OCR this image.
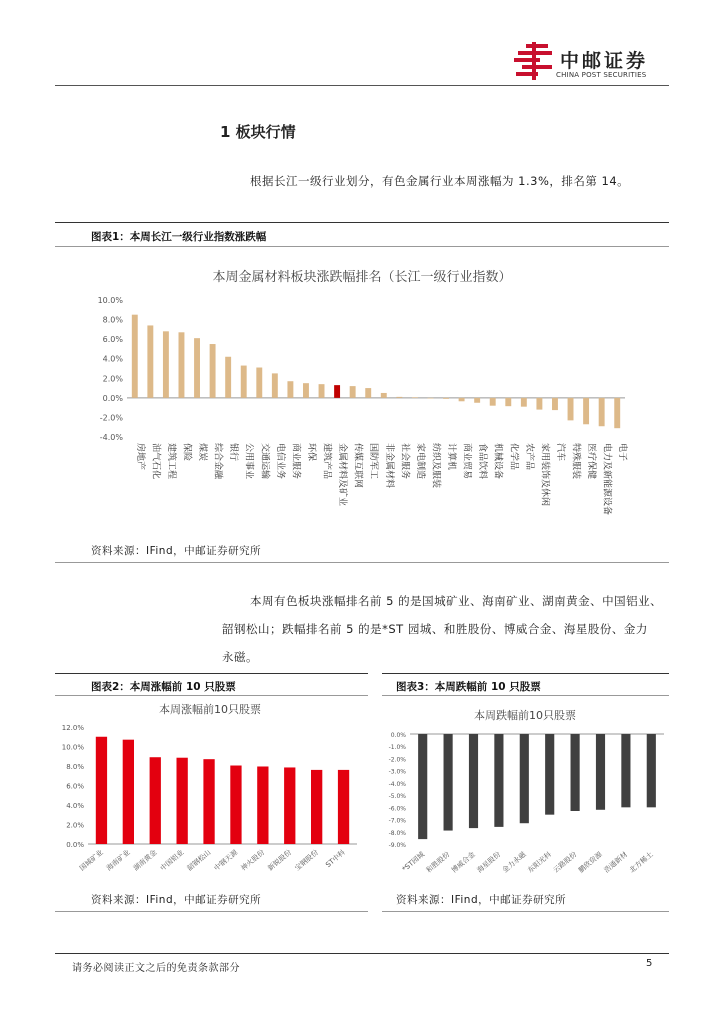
中邮证券
CHINA POST SECURITIES
1 板块行情
根据长江一级行业划分，有色金属行业本周涨幅为 1.3%，排名第 14。
图表1：本周长江一级行业指数涨跌幅
本周金属材料板块涨跌幅排名（长江一级行业指数）
10.0%
8.0%
6.0%
4.0%
2.0%
0.0%
-2.0%
-4.0%
房地产 油气石化 建筑工程 保险 煤炭 综合金融 银行 公用事业 交通运输 电信业务 商业服务 环保 建筑产品 金属材料及矿业 传媒互联网 国防军工 非金属材料 社会服务 家电制造 纺织及服装 计算机 商业贸易 食品饮料 机械设备 化学品 农产品 家用装饰及休闲 汽车 特殊服装 医疗保健 电力及新能源设备 电子
资料来源：IFind，中邮证券研究所
本周有色板块涨幅排名前 5 的是国城矿业、海南矿业、湖南黄金、中国铝业、
韶钢松山；跌幅排名前 5 的是*ST 园城、和胜股份、博威合金、海星股份、金力
永磁。
图表2：本周涨幅前 10 只股票	图表3：本周跌幅前 10 只股票
本周涨幅前10只股票
12.0%
10.0%
8.0%
6.0%
4.0%
2.0%
0.0%
国城矿业 海南矿业 湖南黄金 中国铝业 韶钢松山 中钢天源 神火股份 新锐股份 宝钢股份 ST中科
本周跌幅前10只股票
0.0%
-1.0%
-2.0%
-3.0%
-4.0%
-5.0%
-6.0%
-7.0%
-8.0%
-9.0%
*ST园城
和胜股份
博威合金
海星股份
金力永磁
东阳光科
云路股份
鹏欣资源
浩通新材
北方稀土
资料来源：IFind，中邮证券研究所	资料来源：IFind，中邮证券研究所
请务必阅读正文之后的免责条款部分	5
